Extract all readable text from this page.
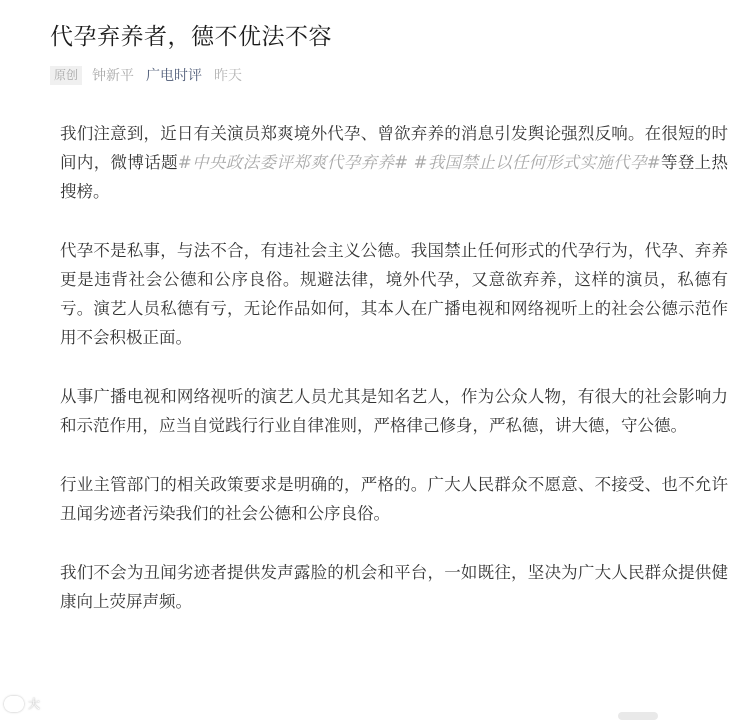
代孕弃养者，德不优法不容
原创 钟新平 广电时评 昨天

我们注意到，近日有关演员郑爽境外代孕、曾欲弃养的消息引发舆论强烈反响。在很短的时间内，微博话题#中央政法委评郑爽代孕弃养# #我国禁止以任何形式实施代孕#等登上热搜榜。

代孕不是私事，与法不合，有违社会主义公德。我国禁止任何形式的代孕行为，代孕、弃养更是违背社会公德和公序良俗。规避法律，境外代孕，又意欲弃养，这样的演员，私德有亏。演艺人员私德有亏，无论作品如何，其本人在广播电视和网络视听上的社会公德示范作用不会积极正面。

从事广播电视和网络视听的演艺人员尤其是知名艺人，作为公众人物，有很大的社会影响力和示范作用，应当自觉践行行业自律准则，严格律己修身，严私德，讲大德，守公德。

行业主管部门的相关政策要求是明确的，严格的。广大人民群众不愿意、不接受、也不允许丑闻劣迹者污染我们的社会公德和公序良俗。

我们不会为丑闻劣迹者提供发声露脸的机会和平台，一如既往，坚决为广大人民群众提供健康向上荧屏声频。

大
